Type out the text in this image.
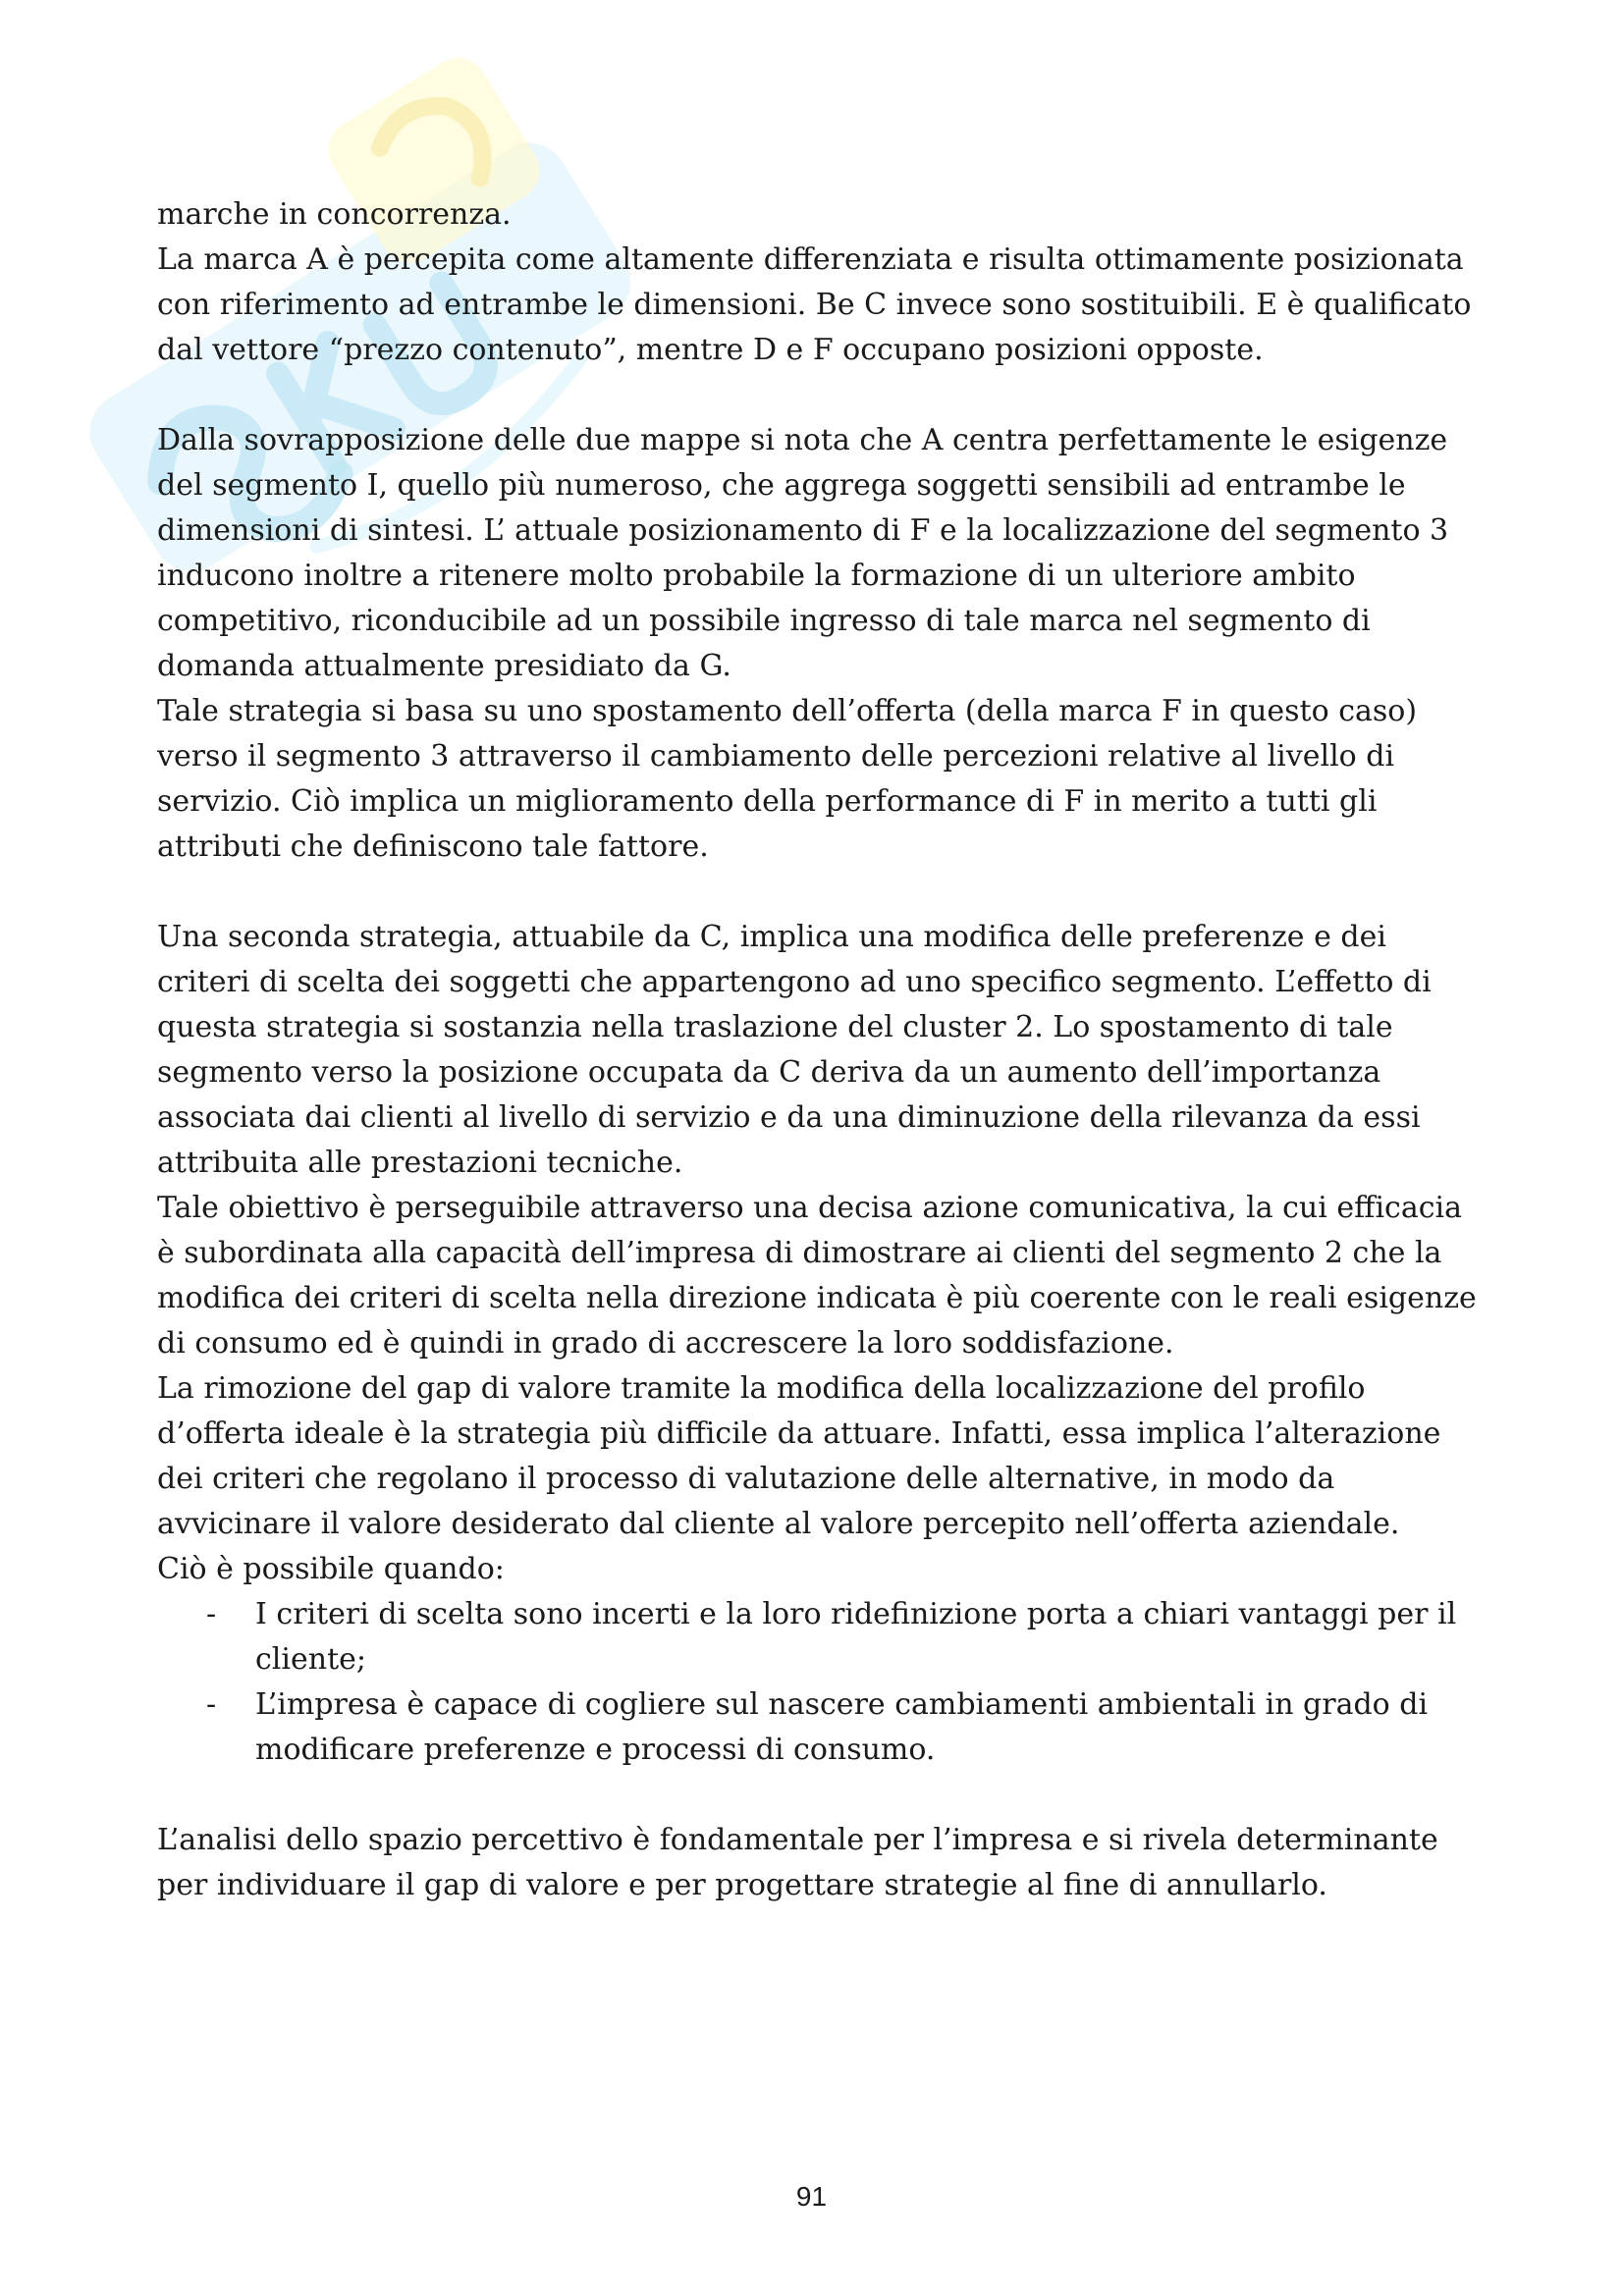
Skuola.net

marche in concorrenza.

La marca A è percepita come altamente differenziata e risulta ottimamente posizionata con riferimento ad entrambe le dimensioni. Be C invece sono sostituibili. E è qualificato dal vettore “prezzo contenuto”, mentre D e F occupano posizioni opposte.

Dalla sovrapposizione delle due mappe si nota che A centra perfettamente le esigenze del segmento I, quello più numeroso, che aggrega soggetti sensibili ad entrambe le dimensioni di sintesi. L’ attuale posizionamento di F e la localizzazione del segmento 3 inducono inoltre a ritenere molto probabile la formazione di un ulteriore ambito competitivo, riconducibile ad un possibile ingresso di tale marca nel segmento di domanda attualmente presidiato da G.

Tale strategia si basa su uno spostamento dell’offerta (della marca F in questo caso) verso il segmento 3 attraverso il cambiamento delle percezioni relative al livello di servizio. Ciò implica un miglioramento della performance di F in merito a tutti gli attributi che definiscono tale fattore.

Una seconda strategia, attuabile da C, implica una modifica delle preferenze e dei criteri di scelta dei soggetti che appartengono ad uno specifico segmento. L’effetto di questa strategia si sostanzia nella traslazione del cluster 2. Lo spostamento di tale segmento verso la posizione occupata da C deriva da un aumento dell’importanza associata dai clienti al livello di servizio e da una diminuzione della rilevanza da essi attribuita alle prestazioni tecniche.

Tale obiettivo è perseguibile attraverso una decisa azione comunicativa, la cui efficacia è subordinata alla capacità dell’impresa di dimostrare ai clienti del segmento 2 che la modifica dei criteri di scelta nella direzione indicata è più coerente con le reali esigenze di consumo ed è quindi in grado di accrescere la loro soddisfazione.

La rimozione del gap di valore tramite la modifica della localizzazione del profilo d’offerta ideale è la strategia più difficile da attuare. Infatti, essa implica l’alterazione dei criteri che regolano il processo di valutazione delle alternative, in modo da avvicinare il valore desiderato dal cliente al valore percepito nell’offerta aziendale.

Ciò è possibile quando:

- I criteri di scelta sono incerti e la loro ridefinizione porta a chiari vantaggi per il cliente;
- L’impresa è capace di cogliere sul nascere cambiamenti ambientali in grado di modificare preferenze e processi di consumo.

L’analisi dello spazio percettivo è fondamentale per l’impresa e si rivela determinante per individuare il gap di valore e per progettare strategie al fine di annullarlo.

91
